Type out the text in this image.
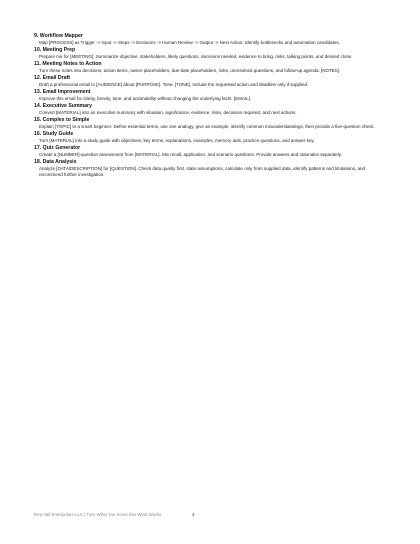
9. Workflow Mapper

Map [PROCESS] as Trigger -> Input -> Steps -> Decisions -> Human Review -> Output -> Next Action. Identify bottlenecks and automation candidates.

10. Meeting Prep

Prepare me for [MEETING]. Summarize objective, stakeholders, likely questions, decisions needed, evidence to bring, risks, talking points, and desired close.

11. Meeting Notes to Action

Turn these notes into decisions, action items, owner placeholders, due-date placeholders, risks, unresolved questions, and follow-up agenda: [NOTES].

12. Email Draft

Draft a professional email to [AUDIENCE] about [PURPOSE]. Tone: [TONE]. Include the requested action and deadline only if supplied.

13. Email Improvement

Improve this email for clarity, brevity, tone, and actionability without changing the underlying facts: [EMAIL].

14. Executive Summary

Convert [MATERIAL] into an executive summary with situation, significance, evidence, risks, decisions required, and next actions.

15. Complex to Simple

Explain [TOPIC] to a smart beginner. Define essential terms, use one analogy, give an example, identify common misunderstandings, then provide a five-question check.

16. Study Guide

Turn [MATERIAL] into a study guide with objectives, key terms, explanations, examples, memory aids, practice questions, and answer key.

17. Quiz Generator

Create a [NUMBER]-question assessment from [MATERIAL]. Mix recall, application, and scenario questions. Provide answers and rationales separately.

18. Data Analysis

Analyze [DATA/DESCRIPTION] for [QUESTION]. Check data quality first, state assumptions, calculate only from supplied data, identify patterns and limitations, and recommend further investigation.

Rea Vail Enterprises LLC | Turn What You Know Into What Works	3
